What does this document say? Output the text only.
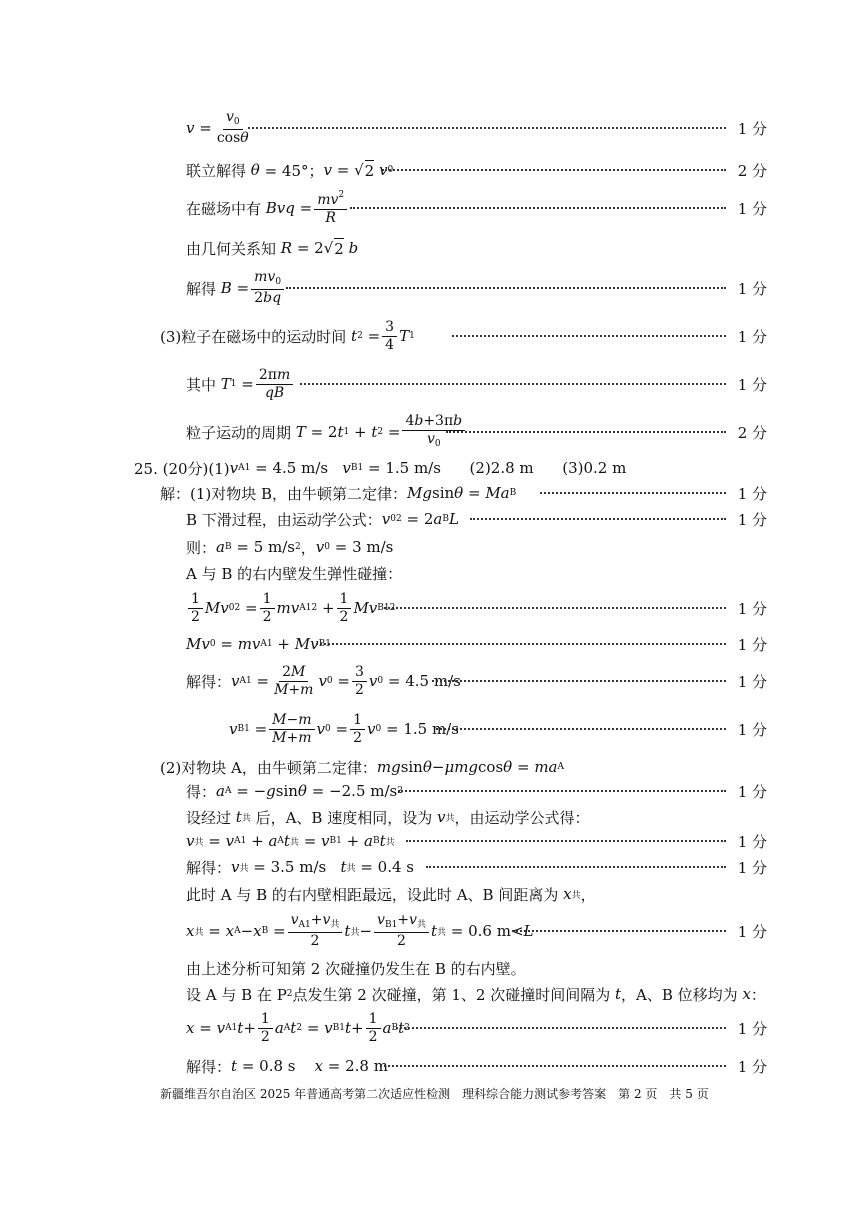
$v = \frac{v_0}{\cos\theta}$	1 分
联立解得 θ = 45°； v = √ 2
v 0	2 分
在磁场中有 Bvq = $\frac{mv^2}{R}$	1 分
由几何关系知 R = 2√ 2
b
解得 $B = \frac{mv_0}{2bq}$	1 分
(3)粒子在磁场中的运动时间 t $2 = \frac{3}{4}$ T 1	1 分
其中 T $1 = \frac{2\pi m}{qB}$	1 分
粒子运动的周期 T = 2 t 1 + t $2 = \frac{4b+3\pi b}{v_0}$	2 分
25. (20分)(1) v A1 = 4.5 m/s v B1 = 1.5 m/s      (2)2.8 m      (3)0.2 m
解：(1)对物块 B，由牛顿第二定律： Mg sin θ = Ma B	1 分
B 下滑过程，由运动学公式： v 0 2 = 2 a B L	1 分
则： a B = 5 m/s 2 ， v 0 = 3 m/s
A 与 B 的右内壁发生弹性碰撞：
$\frac{1}{2}$ Mv 0 $2 = \frac{1}{2}$ mv A1 $2 + \frac{1}{2}$ Mv B1 2	1 分
Mv 0 = mv A1 + Mv B1	1 分
解得： v $A1 = \frac{2M}{M+m}$ v $0 = \frac{3}{2}$ v 0 = 4.5 m/s	1 分
v $B1 = \frac{M-m}{M+m}$ v $0 = \frac{1}{2}$ v 0 = 1.5 m/s	1 分
(2)对物块 A，由牛顿第二定律： mg sin θ − μmg cos θ = ma A
得： a A = − g sin θ = −2.5 m/s 2	1 分
设经过 t 共 后，A、B 速度相同，设为 v 共 ，由运动学公式得：
v 共 = v A1 + a A t 共 = v B1 + a B t 共	1 分
解得： v 共 = 3.5 m/s t 共 = 0.4 s	1 分
此时 A 与 B 的右内壁相距最远，设此时 A、B 间距离为 x 共 ，
x 共 = x A − x $B = \frac{v_{A1}+v_共}{2}$ t 共 − $\frac{v_{B1}+v_共}{2}$ t 共 = 0.6 m< L	1 分
由上述分析可知第 2 次碰撞仍发生在 B 的右内壁。
设 A 与 B 在 P 2 点发生第 2 次碰撞，第 1、2 次碰撞时间间隔为 t ，A、B 位移均为 x ：
x = v A1 $t + \frac{1}{2}$ a A t 2 = v B1 $t + \frac{1}{2}$ a B t 2	1 分
解得： t = 0.8 s x = 2.8 m	1 分
新疆维吾尔自治区 2025 年普通高考第二次适应性检测　理科综合能力测试参考答案　第 2 页　共 5 页
